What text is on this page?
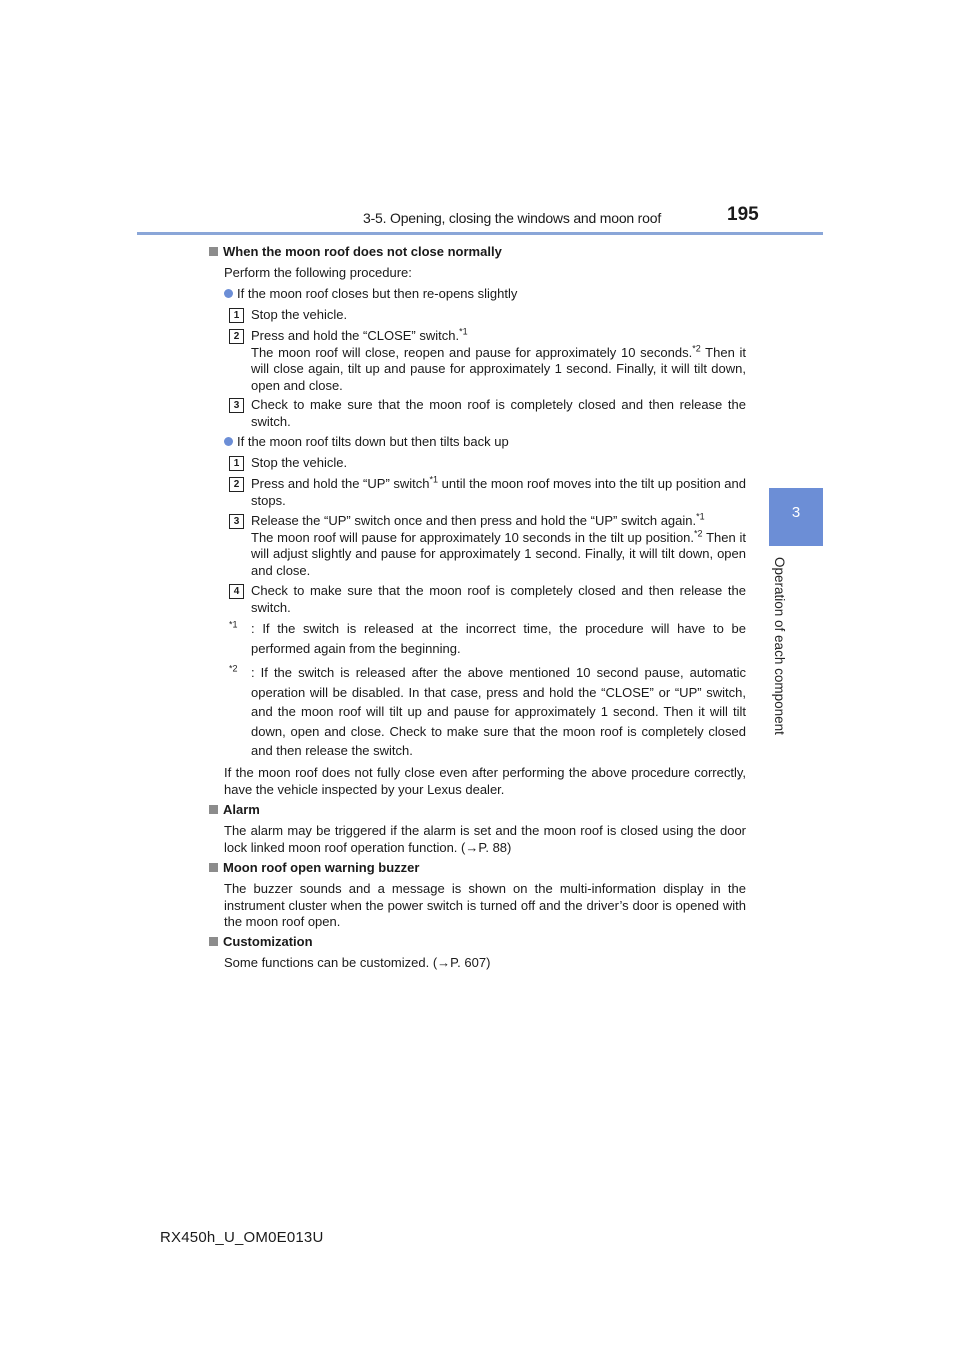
3-5. Opening, closing the windows and moon roof	195
3
Operation of each component
When the moon roof does not close normally
Perform the following procedure:
If the moon roof closes but then re-opens slightly
1 Stop the vehicle.
2 Press and hold the “CLOSE” switch.$^{*1}$
The moon roof will close, reopen and pause for approximately 10 seconds.$^{*2}$ Then it will close again, tilt up and pause for approximately 1 second. Finally, it will tilt down, open and close.
3 Check to make sure that the moon roof is completely closed and then release the switch.
If the moon roof tilts down but then tilts back up
1 Stop the vehicle.
2 Press and hold the “UP” switch$^{*1}$ until the moon roof moves into the tilt up position and stops.
3 Release the “UP” switch once and then press and hold the “UP” switch again.$^{*1}$
The moon roof will pause for approximately 10 seconds in the tilt up position.$^{*2}$ Then it will adjust slightly and pause for approximately 1 second. Finally, it will tilt down, open and close.
4 Check to make sure that the moon roof is completely closed and then release the switch.
$^{*1}$	: If the switch is released at the incorrect time, the procedure will have to be performed again from the beginning.
$^{*2}$	: If the switch is released after the above mentioned 10 second pause, automatic operation will be disabled. In that case, press and hold the “CLOSE” or “UP” switch, and the moon roof will tilt up and pause for approximately 1 second. Then it will tilt down, open and close. Check to make sure that the moon roof is completely closed and then release the switch.
If the moon roof does not fully close even after performing the above procedure correctly, have the vehicle inspected by your Lexus dealer.
Alarm
The alarm may be triggered if the alarm is set and the moon roof is closed using the door lock linked moon roof operation function. (→P. 88)
Moon roof open warning buzzer
The buzzer sounds and a message is shown on the multi-information display in the instrument cluster when the power switch is turned off and the driver’s door is opened with the moon roof open.
Customization
Some functions can be customized. (→P. 607)
RX450h_U_OM0E013U
